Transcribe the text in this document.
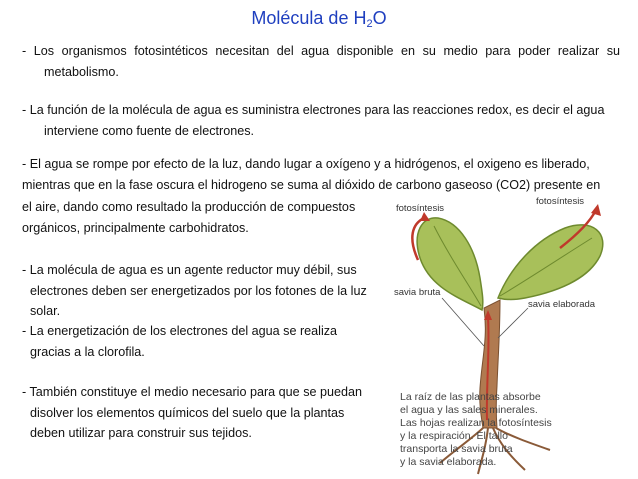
Molécula de $H_2O$
- Los organismos fotosintéticos necesitan del agua disponible en su medio para poder realizar su
metabolismo.
- La función de la molécula de agua es suministra electrones para las reacciones redox, es decir el agua
interviene como fuente de electrones.
- El agua se rompe por efecto de la luz, dando lugar a oxígeno y a hidrógenos, el oxigeno es liberado,
mientras que en la fase oscura el hidrogeno se suma al dióxido de carbono gaseoso (CO2) presente en
el aire, dando como resultado la producción de compuestos
orgánicos, principalmente carbohidratos.
- La molécula de agua es un agente reductor muy débil, sus
electrones deben ser energetizados por los fotones de la luz
solar.
- La energetización de los electrones del agua se realiza
gracias a la clorofila.
- También constituye el medio necesario para que se puedan
disolver los elementos químicos del suelo que la plantas
deben utilizar para construir sus tejidos.
fotosíntesis
fotosíntesis
savia bruta
savia elaborada
La raíz de las plantas absorbe
el agua y las sales minerales.
Las hojas realizan la fotosíntesis
y la respiración. El tallo
transporta la savia bruta
y la savia elaborada.
